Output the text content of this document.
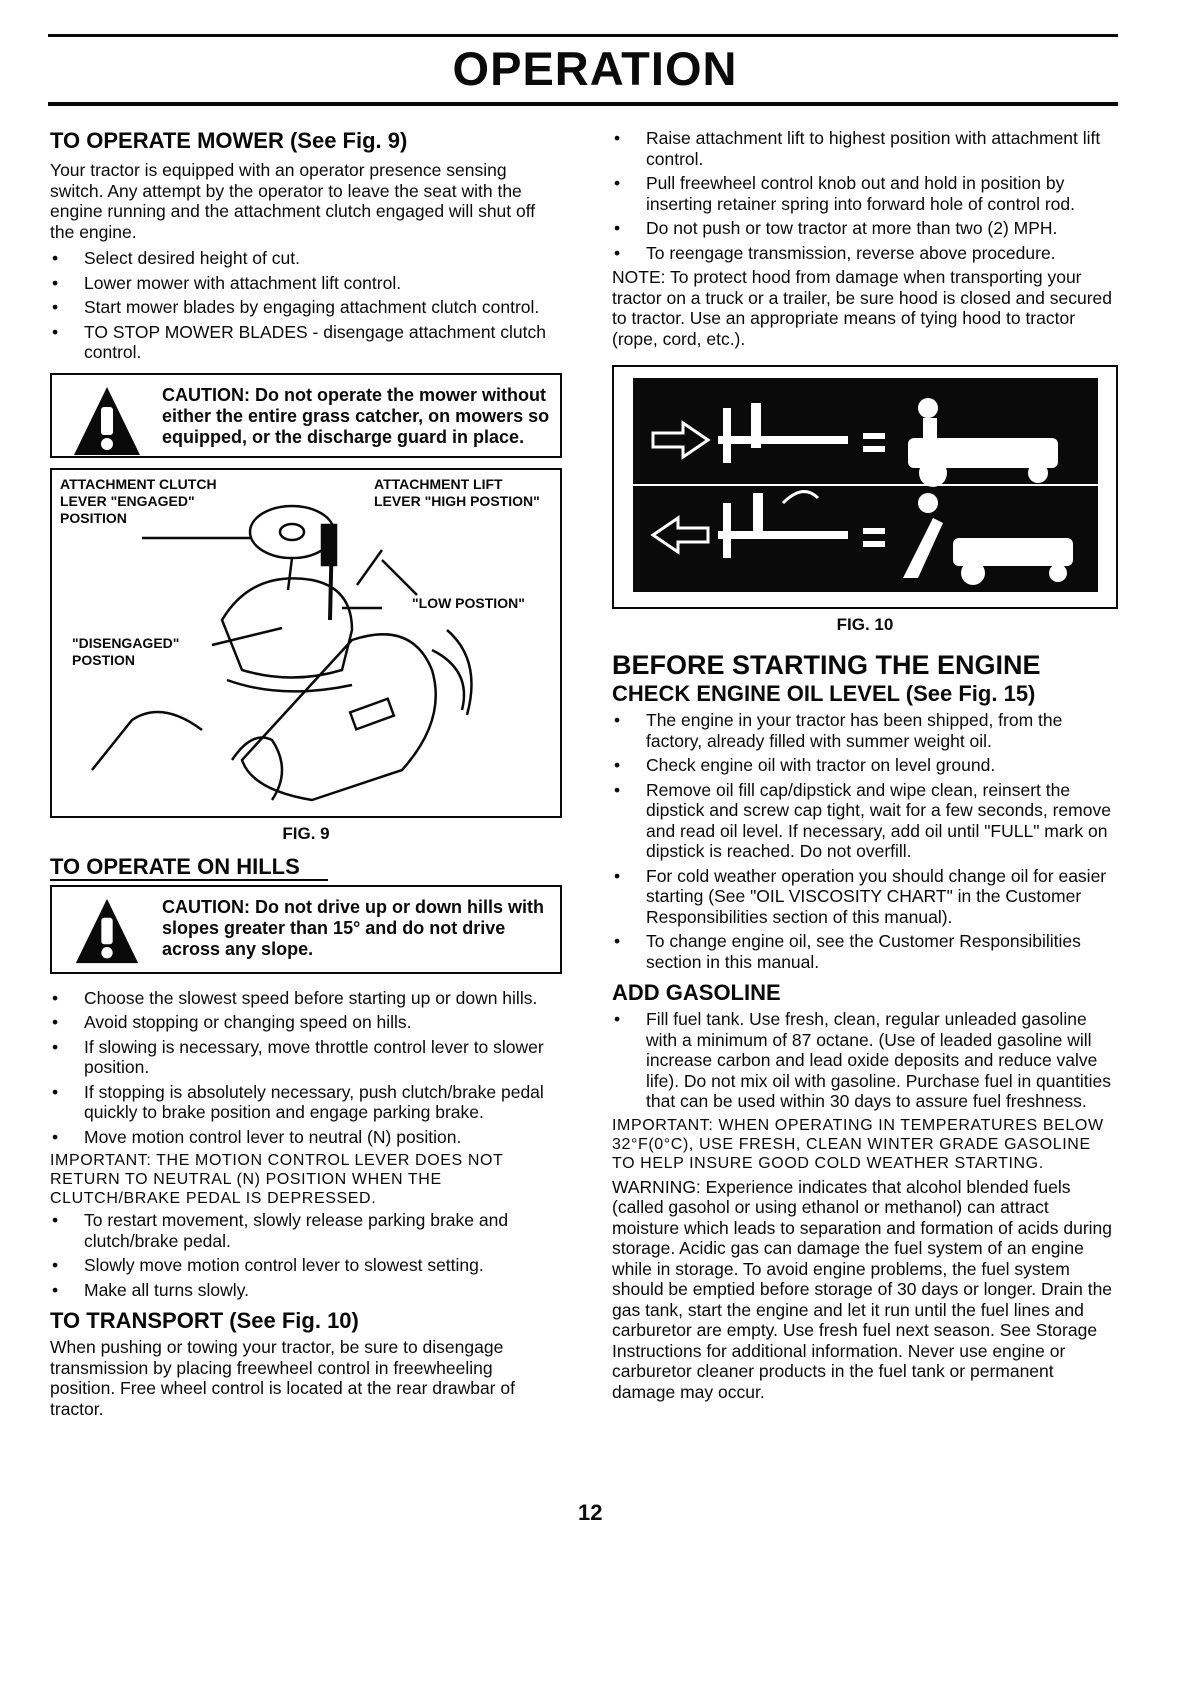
OPERATION
TO OPERATE MOWER (See Fig. 9)

Your tractor is equipped with an operator presence sensing switch. Any attempt by the operator to leave the seat with the engine running and the attachment clutch engaged will shut off the engine.

• Select desired height of cut.
• Lower mower with attachment lift control.
• Start mower blades by engaging attachment clutch control.
• TO STOP MOWER BLADES - disengage attachment clutch control.
CAUTION: Do not operate the mower without either the entire grass catcher, on mowers so equipped, or the discharge guard in place.
ATTACHMENT CLUTCH LEVER "ENGAGED" POSITION
ATTACHMENT LIFT LEVER "HIGH POSTION"
"LOW POSTION"
"DISENGAGED" POSTION
FIG. 9
TO OPERATE ON HILLS
CAUTION: Do not drive up or down hills with slopes greater than 15° and do not drive across any slope.
• Choose the slowest speed before starting up or down hills.
• Avoid stopping or changing speed on hills.
• If slowing is necessary, move throttle control lever to slower position.
• If stopping is absolutely necessary, push clutch/brake pedal quickly to brake position and engage parking brake.
• Move motion control lever to neutral (N) position.

IMPORTANT: THE MOTION CONTROL LEVER DOES NOT RETURN TO NEUTRAL (N) POSITION WHEN THE CLUTCH/BRAKE PEDAL IS DEPRESSED.

• To restart movement, slowly release parking brake and clutch/brake pedal.
• Slowly move motion control lever to slowest setting.
• Make all turns slowly.
TO TRANSPORT (See Fig. 10)

When pushing or towing your tractor, be sure to disengage transmission by placing freewheel control in freewheeling position. Free wheel control is located at the rear drawbar of tractor.

• Raise attachment lift to highest position with attachment lift control.
• Pull freewheel control knob out and hold in position by inserting retainer spring into forward hole of control rod.
• Do not push or tow tractor at more than two (2) MPH.
• To reengage transmission, reverse above procedure.

NOTE: To protect hood from damage when transporting your tractor on a truck or a trailer, be sure hood is closed and secured to tractor. Use an appropriate means of tying hood to tractor (rope, cord, etc.).

FIG. 10
BEFORE STARTING THE ENGINE
CHECK ENGINE OIL LEVEL (See Fig. 15)
• The engine in your tractor has been shipped, from the factory, already filled with summer weight oil.
• Check engine oil with tractor on level ground.
• Remove oil fill cap/dipstick and wipe clean, reinsert the dipstick and screw cap tight, wait for a few seconds, remove and read oil level. If necessary, add oil until "FULL" mark on dipstick is reached. Do not overfill.
• For cold weather operation you should change oil for easier starting (See "OIL VISCOSITY CHART" in the Customer Responsibilities section of this manual).
• To change engine oil, see the Customer Responsibilities section in this manual.
ADD GASOLINE
• Fill fuel tank. Use fresh, clean, regular unleaded gasoline with a minimum of 87 octane. (Use of leaded gasoline will increase carbon and lead oxide deposits and reduce valve life). Do not mix oil with gasoline. Purchase fuel in quantities that can be used within 30 days to assure fuel freshness.

IMPORTANT: WHEN OPERATING IN TEMPERATURES BELOW 32°F(0°C), USE FRESH, CLEAN WINTER GRADE GASOLINE TO HELP INSURE GOOD COLD WEATHER STARTING.

WARNING: Experience indicates that alcohol blended fuels (called gasohol or using ethanol or methanol) can attract moisture which leads to separation and formation of acids during storage. Acidic gas can damage the fuel system of an engine while in storage. To avoid engine problems, the fuel system should be emptied before storage of 30 days or longer. Drain the gas tank, start the engine and let it run until the fuel lines and carburetor are empty. Use fresh fuel next season. See Storage Instructions for additional information. Never use engine or carburetor cleaner products in the fuel tank or permanent damage may occur.

12
